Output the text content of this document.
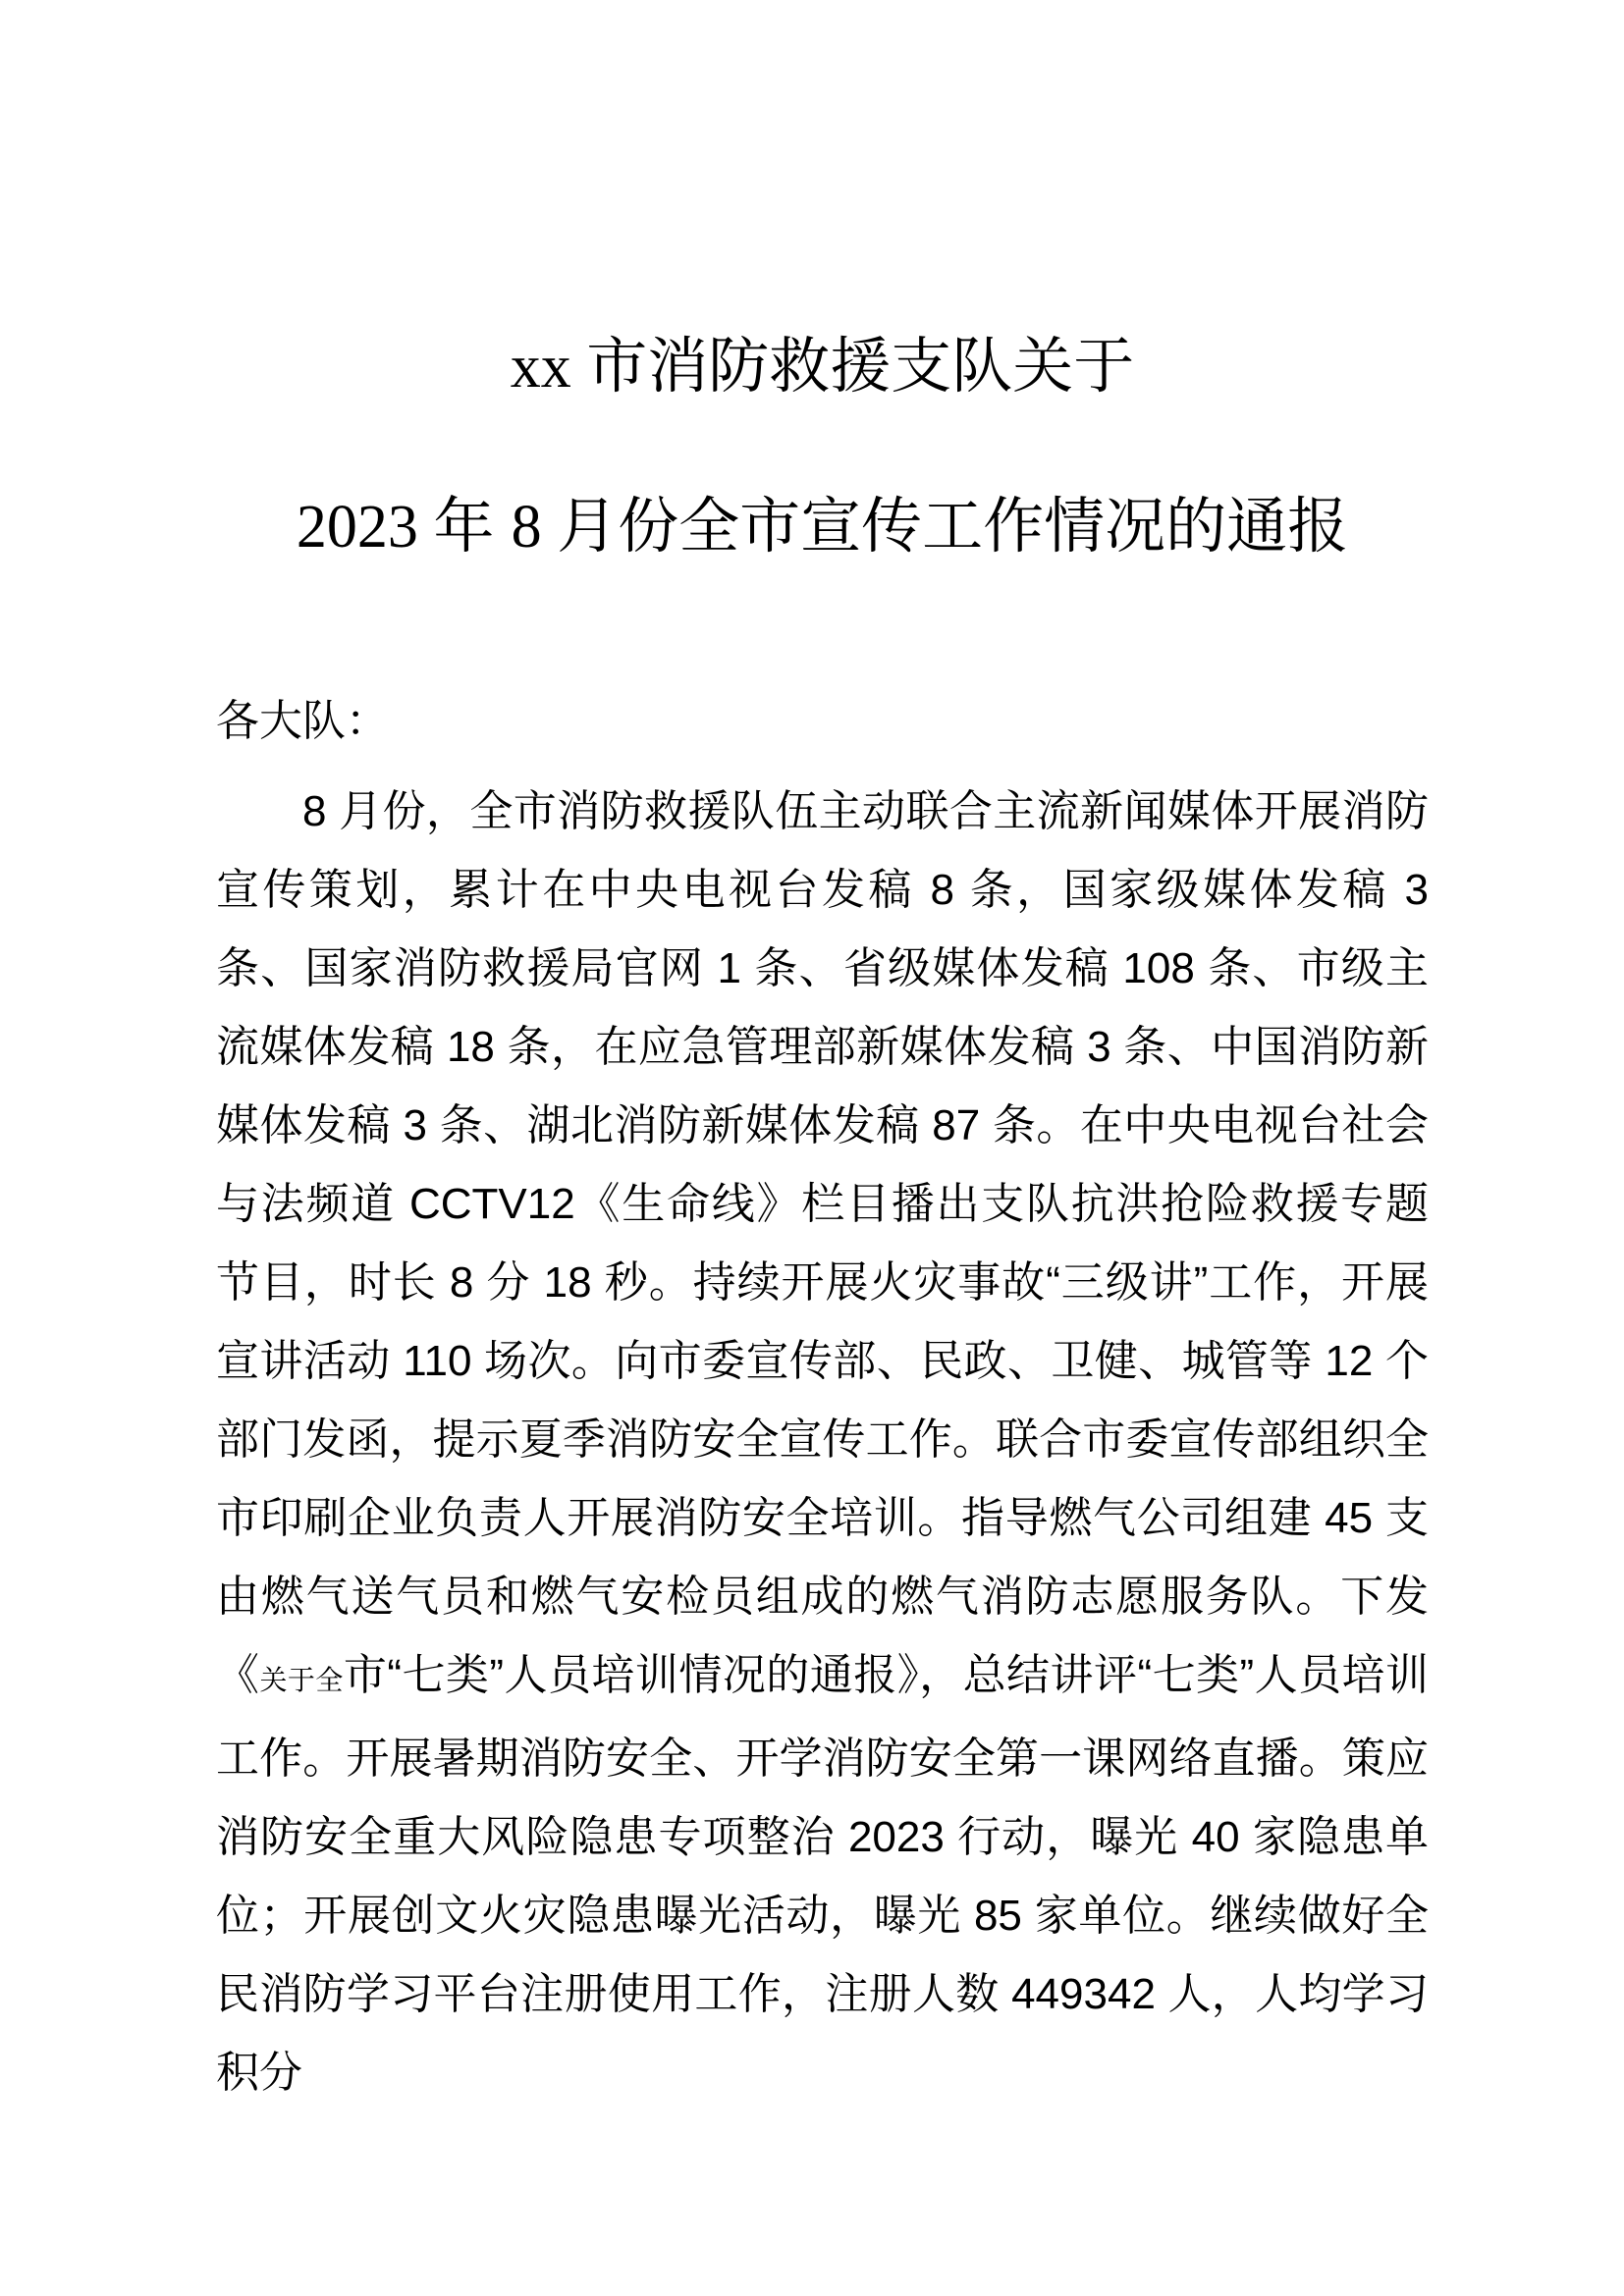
xx 市消防救援支队关于
2023 年 8 月份全市宣传工作情况的通报

各大队：

8 月份，全市消防救援队伍主动联合主流新闻媒体开展消防宣传策划，累计在中央电视台发稿 8 条，国家级媒体发稿 3 条、国家消防救援局官网 1 条、省级媒体发稿 108 条、市级主流媒体发稿 18 条，在应急管理部新媒体发稿 3 条、中国消防新媒体发稿 3 条、湖北消防新媒体发稿 87 条。在中央电视台社会与法频道 CCTV12《生命线》栏目播出支队抗洪抢险救援专题节目，时长 8 分 18 秒。持续开展火灾事故“三级讲”工作，开展宣讲活动 110 场次。向市委宣传部、民政、卫健、城管等 12 个部门发函，提示夏季消防安全宣传工作。联合市委宣传部组织全市印刷企业负责人开展消防安全培训。指导燃气公司组建 45 支由燃气送气员和燃气安检员组成的燃气消防志愿服务队。下发《关于全市“七类”人员培训情况的通报》，总结讲评“七类”人员培训工作。开展暑期消防安全、开学消防安全第一课网络直播。策应消防安全重大风险隐患专项整治 2023 行动，曝光 40 家隐患单位；开展创文火灾隐患曝光活动，曝光 85 家单位。继续做好全民消防学习平台注册使用工作，注册人数 449342 人，人均学习积分
